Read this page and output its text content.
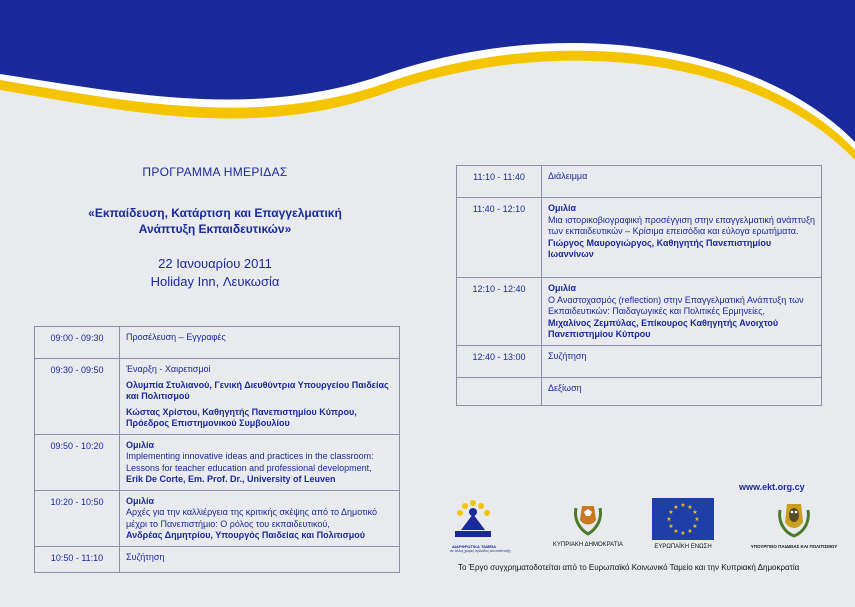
ΠΡΟΓΡΑΜΜΑ ΗΜΕΡΙΔΑΣ
«Εκπαίδευση, Κατάρτιση και Επαγγελματική
Ανάπτυξη Εκπαιδευτικών»
22 Ιανουαρίου 2011
Holiday Inn, Λευκωσία
09:00 - 09:30	Προσέλευση – Εγγραφές

09:30 - 09:50	Έναρξη - Χαιρετισμοί
Ολυμπία Στυλιανού, Γενική Διευθύντρια Υπουργείου Παιδείας και Πολιτισμού
Κώστας Χρίστου, Καθηγητής Πανεπιστημίου Κύπρου, Πρόεδρος Επιστημονικού Συμβουλίου

09:50 - 10:20	Ομιλία
Implementing innovative ideas and practices in the classroom: Lessons for teacher education and professional development,
Erik De Corte, Em. Prof. Dr., University of Leuven

10:20 - 10:50	Ομιλία
Αρχές για την καλλιέργεια της κριτικής σκέψης από το Δημοτικό μέχρι το Πανεπιστήμιο: Ο ρόλος του εκπαιδευτικού,
Ανδρέας Δημητρίου, Υπουργός Παιδείας και Πολιτισμού

10:50 - 11:10	Συζήτηση
11:10 - 11:40	Διάλειμμα

11:40 - 12:10	Ομιλία
Μια ιστορικοβιογραφική προσέγγιση στην επαγγελματική ανάπτυξη των εκπαιδευτικών – Κρίσιμα επεισόδια και εύλογα ερωτήματα.
Γιώργος Μαυρογιώργος, Καθηγητής Πανεπιστημίου Ιωαννίνων

12:10 - 12:40	Ομιλία
Ο Αναστοχασμός (reflection) στην Επαγγελματική Ανάπτυξη των Εκπαιδευτικών: Παιδαγωγικές και Πολιτικές Ερμηνείες,
Μιχαλίνος Ζεμπύλας, Επίκουρος Καθηγητής Ανοιχτού Πανεπιστημίου Κύπρου

12:40 - 13:00	Συζήτηση

	Δεξίωση
www.ekt.org.cy
ΔΙΑΡΘΡΩΤΙΚΑ ΤΑΜΕΙΑ
σε άλλες χώρες πρόοδος και ανάπτυξη
ΚΥΠΡΙΑΚΗ ΔΗΜΟΚΡΑΤΙΑ
★ ★
★
★
★
★
★
★
★
★
★
★
ΕΥΡΩΠΑΪΚΗ ΕΝΩΣΗ	ΥΠΟΥΡΓΕΙΟ ΠΑΙΔΕΙΑΣ ΚΑΙ ΠΟΛΙΤΙΣΜΟΥ
Το Έργο συγχρηματοδοτείται από το Ευρωπαϊκό Κοινωνικό Ταμείο και την Κυπριακή Δημοκρατία
